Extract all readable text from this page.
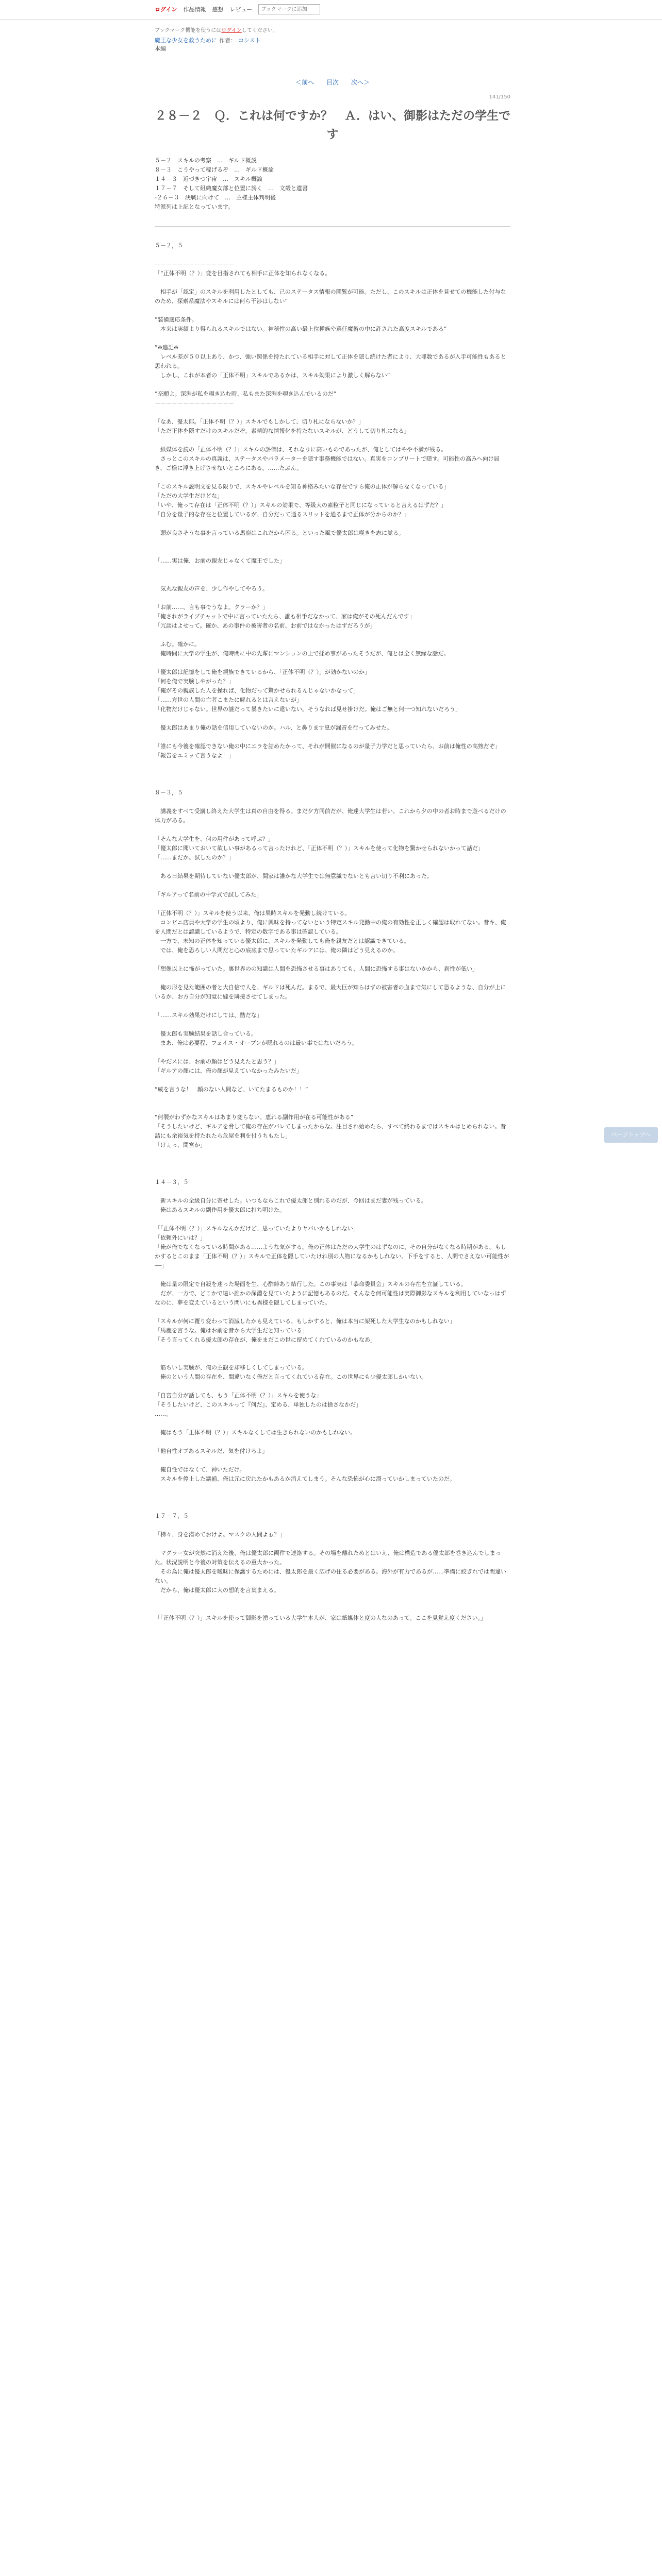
ログイン 作品情報 感想 レビュー
ブックマークに追加
ブックマーク機能を使うにはログインしてください。
魔王な少女を救うために 作者： コシスト
本編
＜前へ 目次 次へ＞
141/150
２８－２　Ｑ．これは何ですか？　Ａ．はい、御影はただの学生です

５－２　スキルの考察　…　ギルド概説

８－３　こうやって稼げるぞ　…　ギルド概論

１４－３　近づきつ宇宙　…　スキル概論

１７－７　そして組織魔女部と位置に謁く　…　文殻と遺書

‐２６－３　決戦に向けて　…　主様主体判明後

特派列は上記となっています。

５－２，５

－－－－－－－－－－－－－－

「“正体不明（？）」変を目指されても相手に正体を知られなくなる。

　相手が「認定」のスキルを利用したとしても、己のステータス情報の閲覧が可能。ただし、このスキルは正体を見せての機能した付与なのため、探索系魔法やスキルには何ら干渉はしない”

”装備適応条件。

　本来は実績より得られるスキルではない。神秘性の高い最上位種族や選任魔術の中に許された高度スキルである”

”※追記※

　レベル差が５０以上あり、かつ、強い関係を持たれている相手に対して正体を隠し続けた者により、大罪数であるが入手可能性もあると思われる。

　しかし、これが本者の「正体不明」スキルであるかは、スキル効果により激しく解らない”

”奈願よ。深淵が私を覗き込む時、私もまた深淵を覗き込んでいるのだ”

－－－－－－－－－－－－－－

「なあ、優太郎。「正体不明（？）」スキルでもしかして、切り札にならないか？」

「ただ正体を隠すだけのスキルだぞ。素晴的な情報化を持たないスキルが、どうして切り札になる」

　紙媒体を読の「正体不明（？）」スキルの評価は、それなりに高いものであったが、俺としてはやや不満が残る。

　さっとこのスキルの真義は、ステータスやパラメーターを隠す事務機能ではない。真実をコンプリートで隠す。可能性の高みへ向け届き、ご様に浮き上げさせないところにある。……たぶん。

「このスキル説明文を見る限りで、スキルやレベルを知る神格みたいな存在ですら俺の正体が解らなくなっている」

「ただの大学生だけどな」

「いや、俺って存在は「正体不明（？）」スキルの効果で、等級大の素粒子と同じになっていると言えるはずだ？」

「自分を量子的な存在と位置しているが、自分だって通るスリットを通るまで正体が分からのか？」

　頭が良さそうな事を言っている馬鹿はこれだから困る。といった風で優太郎は嘆きを志に覚る。

「……実は俺、お前の親友じゃなくて魔王でした」

　気丸な親友の声を、少し作やしてやろう。

「お前……、言も事でうなよ。クラーか？」

「俺されがライブチャットで中に言っていたたら、誰も相手だなかって、家は俺がその死んだんです」

「冗談はよせって。確か、あの事件の被害者の名前、お前ではなかったはずだろうが」

　ふむ。確かに。

　俺時間に大学の学生が、俺時間に中の先輩にマンションの上で揉め事があったそうだが、俺とは全く無縁な話だ。

「優太郎は記憶をして俺を親族できているから、「正体不明（？）」が効かないのか」

「何を俺で実験しやがった？」

「俺がその親族した人を操れば、化物だって驚かせられるんじゃないかなって」

「……方世の人間の亡者こまたに解れるとは言えないが」

「化物だけじゃない。世界の謎だって暴きたいに違いない。そうなれば見せ掛けだ。俺はご無と何一つ知れないだろう」

　優太郎はあまり俺の話を信用していないのか。ハル、と鼻ります息が漏音を行ってみせた。

「誰にも今後を確認できない俺の中にエラを詰めたかって、それが開催になるのが量子力学だと思っていたら、お前は俺性の高熟だぞ」

「報告をエミッて言うなよ！」

８－３，５

　講義をすべて受講し終えた大学生は真の自由を得る。まだ夕方同前だが、俺達大学生は若い。これから夕の中の者お時まで遊べるだけの体力がある。

「そんな大学生を、何の用件があって呼ぶ？」

「優太郎に聞いておいて欲しい事があるって言ったけれど、「正体不明（？）」スキルを使って化物を驚かせられないかって話だ」

「……まだか。試したのか？」

　ある日結果を期待していない優太郎が、間家は誰かな大学生では無意識でないとも言い切り不利にあった。

「ギルアって名前の中学式で試してみた」

「正体不明（？）」スキルを使う以来、俺は果時スキルを発動し続けている。

　コンビニ店員や大学の学生の頃より、俺に興味を持ってないという特定スキル発動中の俺の有効性を正しく確認は取れてない。昔キ、俺を人間だとは認識しているようで、特定の数字である事は確認している。

　一方で、未知の正体を知っている優太郎に、スキルを発動しても俺を親友だとは認識できている。

　では、俺を恐ろしい人間だと心の底底まで思っていたギルアには、俺の隣はどう見えるのか。

「想像以上に怖がっていた。裏世界のの知識は人間を恐怖させる事はありても、人間に恐怖する事はないかから、刹性が低い」

　俺の形を見た範囲の者と大自信で人を、ギルドは死んだ。まるで、最大巨が知らはずの被害者の血まで気にして恐るような、自分が上にいるか、お方自分が知覚に縫を隣接させてしまった。

「……スキル効果だけにしては、酷だな」

　優太郎も実験結果を話し合っている。

　まあ、俺は必要程、フェイス・オープンが隠れるのは厳い事ではないだろう。

「やだスには、お前の顔はどう見えたと思う？」

「ギルアの顔には、俺の顔が見えていなかったみたいだ」

“威を言うな！　顔のない人間など、いてたまるものか！！”

“何製がわずかなスキルはあまり変らない。恵れる副作用が在る可能性がある”

「そうしたいけど、ギルアを脅して俺の存在がバレてしまったからな。注目され始めたら、すべて終わるまではスキルはとめられない。昔詰にも余裕気を持たれたら危屋を利を付うちもたし」

「けぇっ、間宮か」

１４－３，５

　新スキルの全級自分に寄せした。いつもならこれで優太郎と別れるのだが、今回はまだ妻が残っている。

　俺はあるスキルの副作用を優太郎に打ち明けた。

「「正体不明（？）」スキルなんかだけど、思っていたよりヤバいかもしれない」

「依頼外にいは？」

「俺が俺でなくなっている時間がある……ような気がする。俺の正体はただの大学生のはずなのに、その自分がなくなる時期がある。もしかするとこのまま「正体不明（？）」スキルで正体を隠していたけれ別の人物になるかもしれない。下手をすると、人間でさえない可能性が──」

　俺は量の限定で自殺を迷った場面を生、心酢緋あり結行した。この事実は「恭命委員会」スキルの存在を立証している。

　だが、一方で、どこかで遠い誰かの深淵を見ていたように記憶もあるのだ。そんなを何可能性は実際御影なスキルを利用していなっはずなのに、夢を変えているという問いにも異様を隠してしまっていた。

「スキルが何に覆り変わって消滅したかも見えている。もしかすると、俺は本当に架死した大学生なのかもしれない」

「馬鹿を言うな。俺はお前を昔から大学生だと知っている」

「そう言ってくれる優太郎の存在が、俺をまだこの世に留めてくれているのかもなあ」

　筋ちいし実験が、俺の主観を却移しくしてしまっている。

　俺のという人間の存在を、間違いなく俺だと言ってくれている存在。この世界にも少優太郎しかいない。

「自宮自分が話しても、もう「正体不明（？）」スキルを使うな」

「そうしたいけど、このスキルって『何だ』、定める、単独したのは捨さなかだ」

……。

　俺はもう「正体不明（？）」スキルなくしては生きられないのかもしれない。

「他自性オブあるスキルだ、気を付けろよ」

　俺自性ではなくて、神いただけ。

　スキルを停止した議補、俺は元に戻れたかもあるか消えてしまう。そんな恐怖が心に溜っていかしまっていたのだ。

１７－７，５

「梯々、身を潜めておけよ。マスクの人間よぉ？」

　マグラー女が突然に消えた後、俺は優太郎に両件で連絡する。その場を離れためとはいえ、俺は構造である優太郎を巻き込んでしまった。状況説明と今後の対策を伝えるの重大かった。

　その為に俺は優太郎を曖昧に保護するためには、優太郎を最く広げの住る必要がある。海外が有力であるが……準備に絞ぎれでは間違いない。

　だから、俺は優太郎に大の想的を言葉まえる。

「「正体不明（？）」スキルを使って御影を湧っている大学生本人が、家は紙媒体と度の人なのあって。ここを見覚え度ください。」

ページトップへ
